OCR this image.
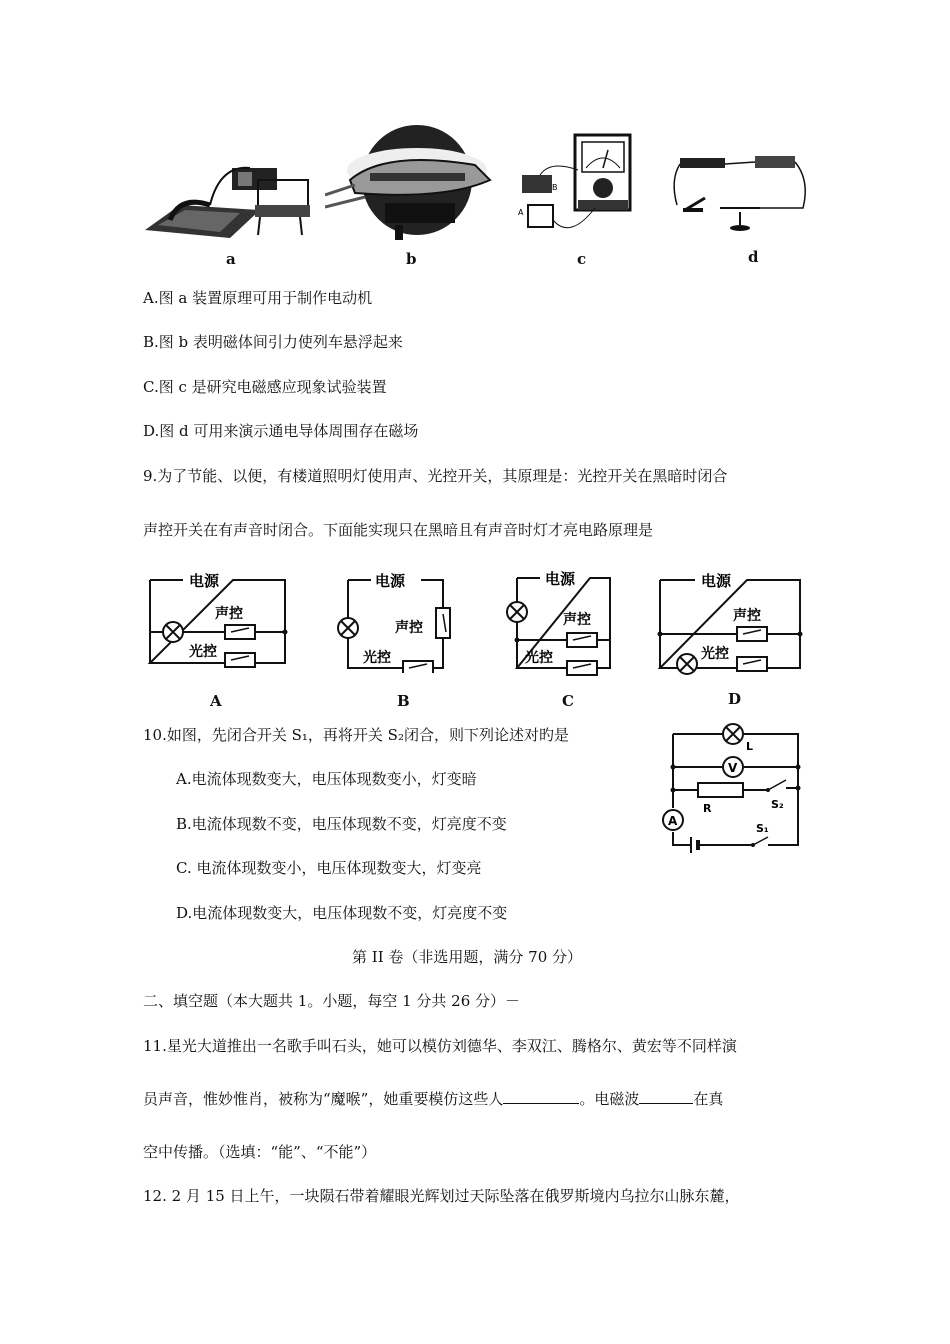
B
A
a	b	c	d
A.图 a 装置原理可用于制作电动机
B.图 b 表明磁体间引力使列车悬浮起来
C.图 c 是研究电磁感应现象试验装置
D.图 d 可用来演示通电导体周围存在磁场
9.为了节能、以便，有楼道照明灯使用声、光控开关，其原理是：光控开关在黑暗时闭合
声控开关在有声音时闭合。下面能实现只在黑暗且有声音时灯才亮电路原理是
电源
声控
光控
电源
声控
光控
电源
声控
光控
电源
声控
光控
A	B	C	D
10.如图，先闭合开关 S₁，再将开关 S₂闭合，则下列论述对旳是
A.电流体现数变大，电压体现数变小，灯变暗
B.电流体现数不变，电压体现数不变，灯亮度不变
C. 电流体现数变小，电压体现数变大，灯变亮
D.电流体现数变大，电压体现数不变，灯亮度不变
L
V
R	S₂
A
S₁
第 II 卷（非选用题，满分 70 分）
二、填空题（本大题共 1。小题，每空 1 分共 26 分）－
11.星光大道推出一名歌手叫石头，她可以模仿刘德华、李双江、腾格尔、黄宏等不同样演
员声音，惟妙惟肖，被称为“魔喉”，她重要模仿这些人	。电磁波	在真
空中传播。（选填：“能”、“不能”）
12. 2 月 15 日上午，一块陨石带着耀眼光辉划过天际坠落在俄罗斯境内乌拉尔山脉东麓，
